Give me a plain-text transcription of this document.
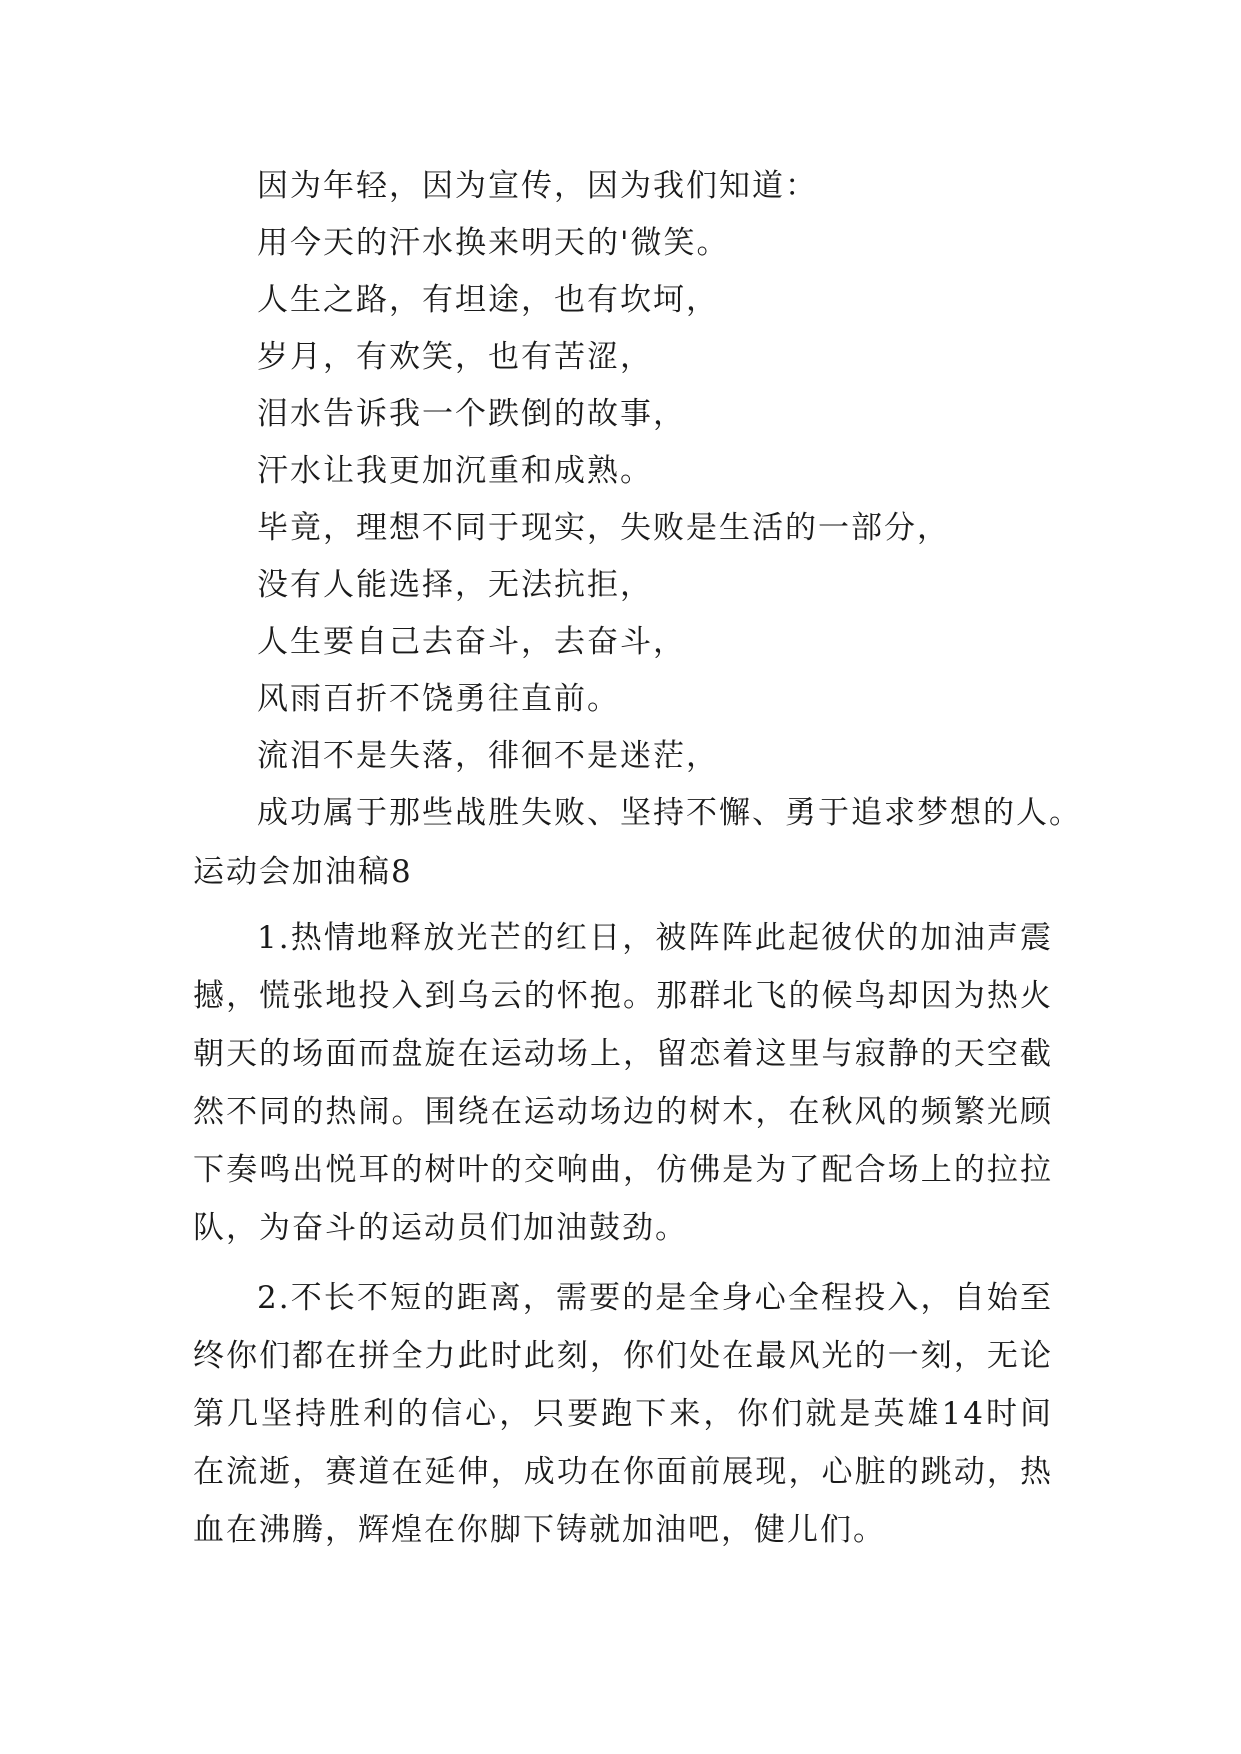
因为年轻，因为宣传，因为我们知道：
用今天的汗水换来明天的'微笑。
人生之路，有坦途，也有坎坷，
岁月，有欢笑，也有苦涩，
泪水告诉我一个跌倒的故事，
汗水让我更加沉重和成熟。
毕竟，理想不同于现实，失败是生活的一部分，
没有人能选择，无法抗拒，
人生要自己去奋斗，去奋斗，
风雨百折不饶勇往直前。
流泪不是失落，徘徊不是迷茫，
成功属于那些战胜失败、坚持不懈、勇于追求梦想的人。
运动会加油稿8

1.热情地释放光芒的红日，被阵阵此起彼伏的加油声震撼，慌张地投入到乌云的怀抱。那群北飞的候鸟却因为热火朝天的场面而盘旋在运动场上，留恋着这里与寂静的天空截然不同的热闹。围绕在运动场边的树木，在秋风的频繁光顾下奏鸣出悦耳的树叶的交响曲，仿佛是为了配合场上的拉拉队，为奋斗的运动员们加油鼓劲。

2.不长不短的距离，需要的是全身心全程投入，自始至终你们都在拼全力此时此刻，你们处在最风光的一刻，无论第几坚持胜利的信心，只要跑下来，你们就是英雄14时间在流逝，赛道在延伸，成功在你面前展现，心脏的跳动，热血在沸腾，辉煌在你脚下铸就加油吧，健儿们。
